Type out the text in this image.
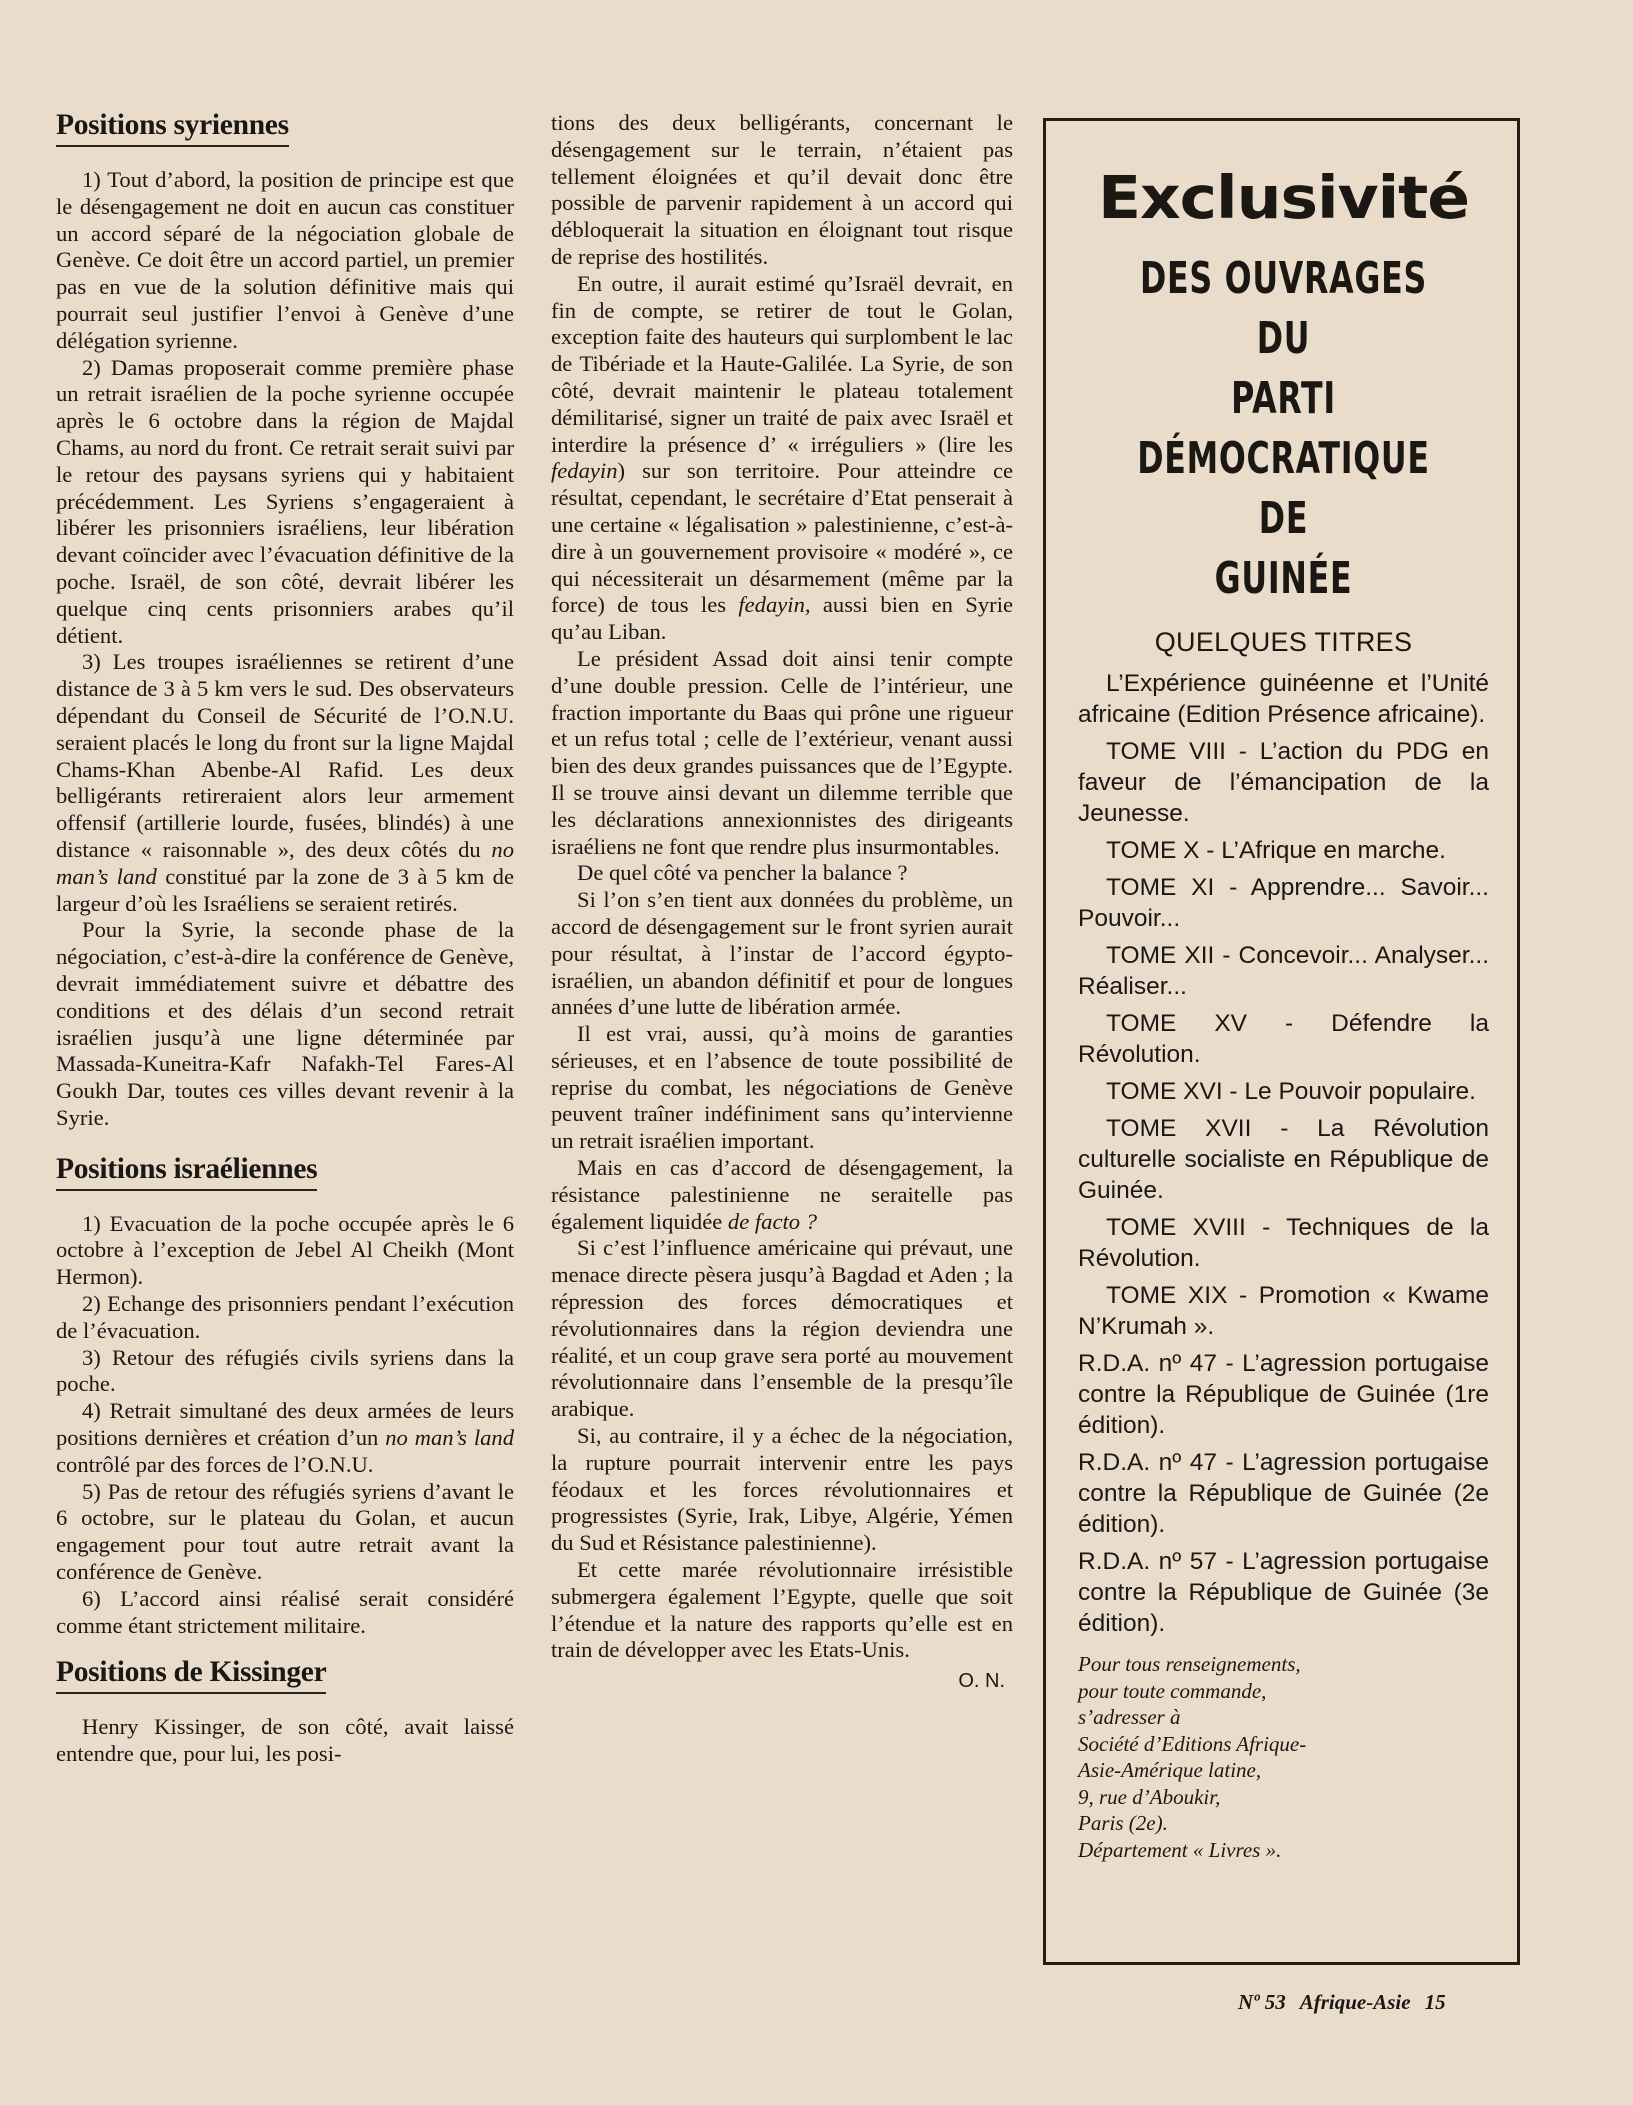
Positions syriennes

1) Tout d’abord, la position de principe est que le désengagement ne doit en aucun cas constituer un accord séparé de la négociation globale de Genève. Ce doit être un accord partiel, un premier pas en vue de la solution définitive mais qui pourrait seul justifier l’envoi à Genève d’une délégation syrienne.

2) Damas proposerait comme première phase un retrait israélien de la poche syrienne occupée après le 6 octobre dans la région de Majdal Chams, au nord du front. Ce retrait serait suivi par le retour des paysans syriens qui y habitaient précédemment. Les Syriens s’engageraient à libérer les prisonniers israéliens, leur libération devant coïncider avec l’évacuation définitive de la poche. Israël, de son côté, devrait libérer les quelque cinq cents prisonniers arabes qu’il détient.

3) Les troupes israéliennes se retirent d’une distance de 3 à 5 km vers le sud. Des observateurs dépendant du Conseil de Sécurité de l’O.N.U. seraient placés le long du front sur la ligne Majdal Chams-Khan Abenbe-Al Rafid. Les deux belligérants retireraient alors leur armement offensif (artillerie lourde, fusées, blindés) à une distance « raisonnable », des deux côtés du no man’s land constitué par la zone de 3 à 5 km de largeur d’où les Israéliens se seraient retirés.

Pour la Syrie, la seconde phase de la négociation, c’est-à-dire la conférence de Genève, devrait immédiatement suivre et débattre des conditions et des délais d’un second retrait israélien jusqu’à une ligne déterminée par Massada-Kuneitra-Kafr Nafakh-Tel Fares-Al Goukh Dar, toutes ces villes devant revenir à la Syrie.

Positions israéliennes

1) Evacuation de la poche occupée après le 6 octobre à l’exception de Jebel Al Cheikh (Mont Hermon).

2) Echange des prisonniers pendant l’exécution de l’évacuation.

3) Retour des réfugiés civils syriens dans la poche.

4) Retrait simultané des deux armées de leurs positions dernières et création d’un no man’s land contrôlé par des forces de l’O.N.U.

5) Pas de retour des réfugiés syriens d’avant le 6 octobre, sur le plateau du Golan, et aucun engagement pour tout autre retrait avant la conférence de Genève.

6) L’accord ainsi réalisé serait considéré comme étant strictement militaire.

Positions de Kissinger

Henry Kissinger, de son côté, avait laissé entendre que, pour lui, les posi-

tions des deux belligérants, concernant le désengagement sur le terrain, n’étaient pas tellement éloignées et qu’il devait donc être possible de parvenir rapidement à un accord qui débloquerait la situation en éloignant tout risque de reprise des hostilités.

En outre, il aurait estimé qu’Israël devrait, en fin de compte, se retirer de tout le Golan, exception faite des hauteurs qui surplombent le lac de Tibériade et la Haute-Galilée. La Syrie, de son côté, devrait maintenir le plateau totalement démilitarisé, signer un traité de paix avec Israël et interdire la présence d’ « irréguliers » (lire les fedayin) sur son territoire. Pour atteindre ce résultat, cependant, le secrétaire d’Etat penserait à une certaine « légalisation » palestinienne, c’est-à-dire à un gouvernement provisoire « modéré », ce qui nécessiterait un désarmement (même par la force) de tous les fedayin, aussi bien en Syrie qu’au Liban.

Le président Assad doit ainsi tenir compte d’une double pression. Celle de l’intérieur, une fraction importante du Baas qui prône une rigueur et un refus total ; celle de l’extérieur, venant aussi bien des deux grandes puissances que de l’Egypte. Il se trouve ainsi devant un dilemme terrible que les déclarations annexionnistes des dirigeants israéliens ne font que rendre plus insurmontables.

De quel côté va pencher la balance ?

Si l’on s’en tient aux données du problème, un accord de désengagement sur le front syrien aurait pour résultat, à l’instar de l’accord égypto-israélien, un abandon définitif et pour de longues années d’une lutte de libération armée.

Il est vrai, aussi, qu’à moins de garanties sérieuses, et en l’absence de toute possibilité de reprise du combat, les négociations de Genève peuvent traîner indéfiniment sans qu’intervienne un retrait israélien important.

Mais en cas d’accord de désengagement, la résistance palestinienne ne seraitelle pas également liquidée de facto ?

Si c’est l’influence américaine qui prévaut, une menace directe pèsera jusqu’à Bagdad et Aden ; la répression des forces démocratiques et révolutionnaires dans la région deviendra une réalité, et un coup grave sera porté au mouvement révolutionnaire dans l’ensemble de la presqu’île arabique.

Si, au contraire, il y a échec de la négociation, la rupture pourrait intervenir entre les pays féodaux et les forces révolutionnaires et progressistes (Syrie, Irak, Libye, Algérie, Yémen du Sud et Résistance palestinienne).

Et cette marée révolutionnaire irrésistible submergera également l’Egypte, quelle que soit l’étendue et la nature des rapports qu’elle est en train de développer avec les Etats-Unis.

O. N.
Exclusivité
DES OUVRAGES
DU
PARTI
DÉMOCRATIQUE
DE
GUINÉE
QUELQUES TITRES
L’Expérience guinéenne et l’Unité africaine (Edition Présence africaine).
TOME VIII - L’action du PDG en faveur de l’émancipation de la Jeunesse.
TOME X - L’Afrique en marche.
TOME XI - Apprendre... Savoir... Pouvoir...
TOME XII - Concevoir... Analyser... Réaliser...
TOME XV - Défendre la Révolution.
TOME XVI - Le Pouvoir populaire.
TOME XVII - La Révolution culturelle socialiste en République de Guinée.
TOME XVIII - Techniques de la Révolution.
TOME XIX - Promotion « Kwame N’Krumah ».
R.D.A. nº 47 - L’agression portugaise contre la République de Guinée (1re édition).
R.D.A. nº 47 - L’agression portugaise contre la République de Guinée (2e édition).
R.D.A. nº 57 - L’agression portugaise contre la République de Guinée (3e édition).
Pour tous renseignements,
pour toute commande,
s’adresser à
Société d’Editions Afrique-
Asie-Amérique latine,
9, rue d’Aboukir,
Paris (2e).
Département « Livres ».
Nº 53 Afrique-Asie 15
